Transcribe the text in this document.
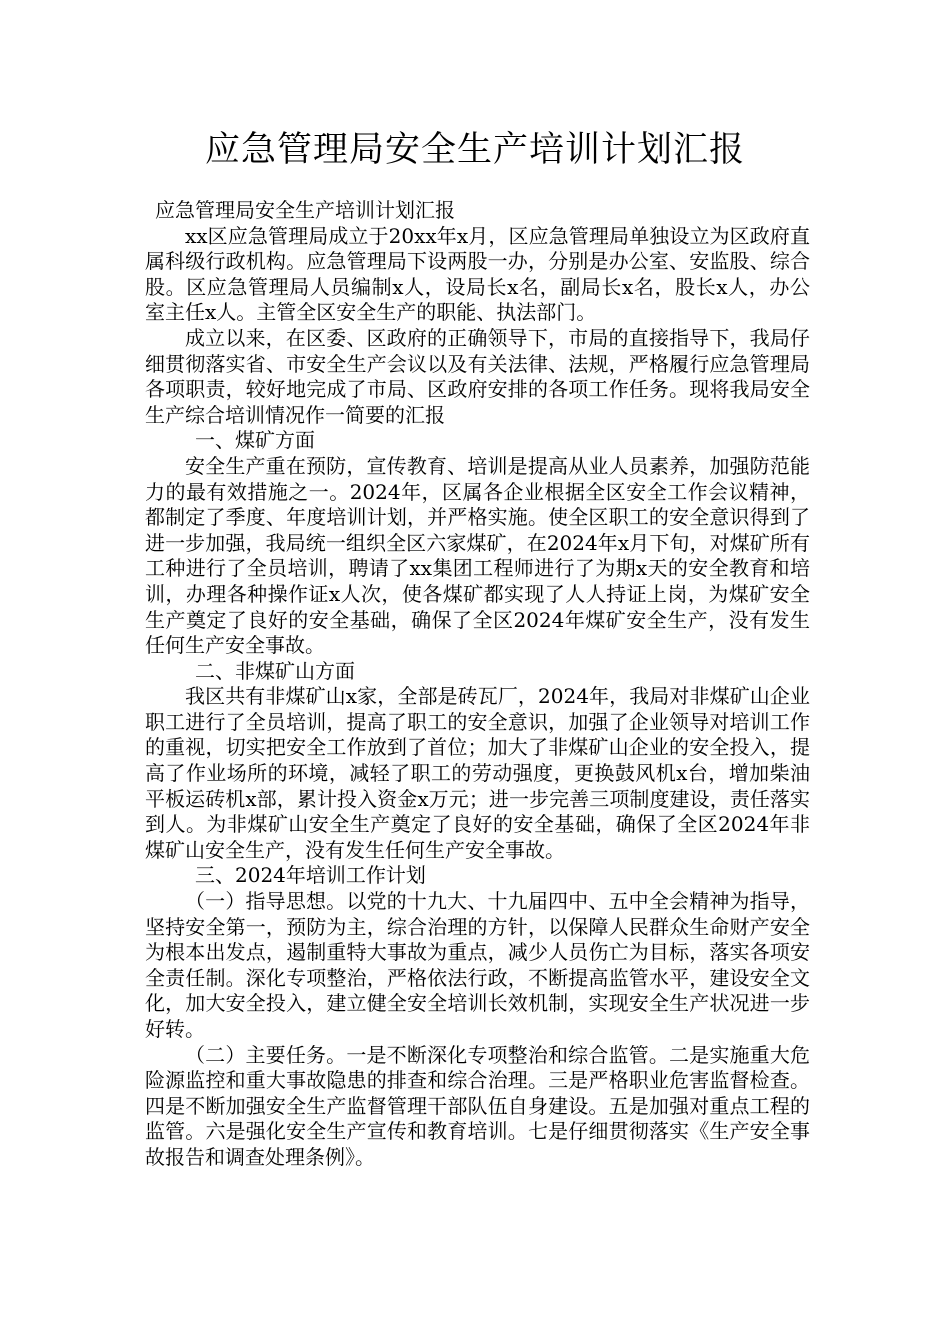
应急管理局安全生产培训计划汇报

应急管理局安全生产培训计划汇报

xx区应急管理局成立于20xx年x月，区应急管理局单独设立为区政府直属科级行政机构。应急管理局下设两股一办，分别是办公室、安监股、综合股。区应急管理局人员编制x人，设局长x名，副局长x名，股长x人，办公室主任x人。主管全区安全生产的职能、执法部门。

成立以来，在区委、区政府的正确领导下，市局的直接指导下，我局仔细贯彻落实省、市安全生产会议以及有关法律、法规，严格履行应急管理局各项职责，较好地完成了市局、区政府安排的各项工作任务。现将我局安全生产综合培训情况作一简要的汇报

一、煤矿方面

安全生产重在预防，宣传教育、培训是提高从业人员素养，加强防范能力的最有效措施之一。2024年，区属各企业根据全区安全工作会议精神，都制定了季度、年度培训计划，并严格实施。使全区职工的安全意识得到了进一步加强，我局统一组织全区六家煤矿，在2024年x月下旬，对煤矿所有工种进行了全员培训，聘请了xx集团工程师进行了为期x天的安全教育和培训，办理各种操作证x人次，使各煤矿都实现了人人持证上岗，为煤矿安全生产奠定了良好的安全基础，确保了全区2024年煤矿安全生产，没有发生任何生产安全事故。

二、非煤矿山方面

我区共有非煤矿山x家，全部是砖瓦厂，2024年，我局对非煤矿山企业职工进行了全员培训，提高了职工的安全意识，加强了企业领导对培训工作的重视，切实把安全工作放到了首位；加大了非煤矿山企业的安全投入，提高了作业场所的环境，减轻了职工的劳动强度，更换鼓风机x台，增加柴油平板运砖机x部，累计投入资金x万元；进一步完善三项制度建设，责任落实到人。为非煤矿山安全生产奠定了良好的安全基础，确保了全区2024年非煤矿山安全生产，没有发生任何生产安全事故。

三、2024年培训工作计划

（一）指导思想。以党的十九大、十九届四中、五中全会精神为指导，坚持安全第一，预防为主，综合治理的方针，以保障人民群众生命财产安全为根本出发点，遏制重特大事故为重点，减少人员伤亡为目标，落实各项安全责任制。深化专项整治，严格依法行政，不断提高监管水平，建设安全文化，加大安全投入，建立健全安全培训长效机制，实现安全生产状况进一步好转。

（二）主要任务。一是不断深化专项整治和综合监管。二是实施重大危险源监控和重大事故隐患的排查和综合治理。三是严格职业危害监督检查。四是不断加强安全生产监督管理干部队伍自身建设。五是加强对重点工程的监管。六是强化安全生产宣传和教育培训。七是仔细贯彻落实《生产安全事故报告和调查处理条例》。
